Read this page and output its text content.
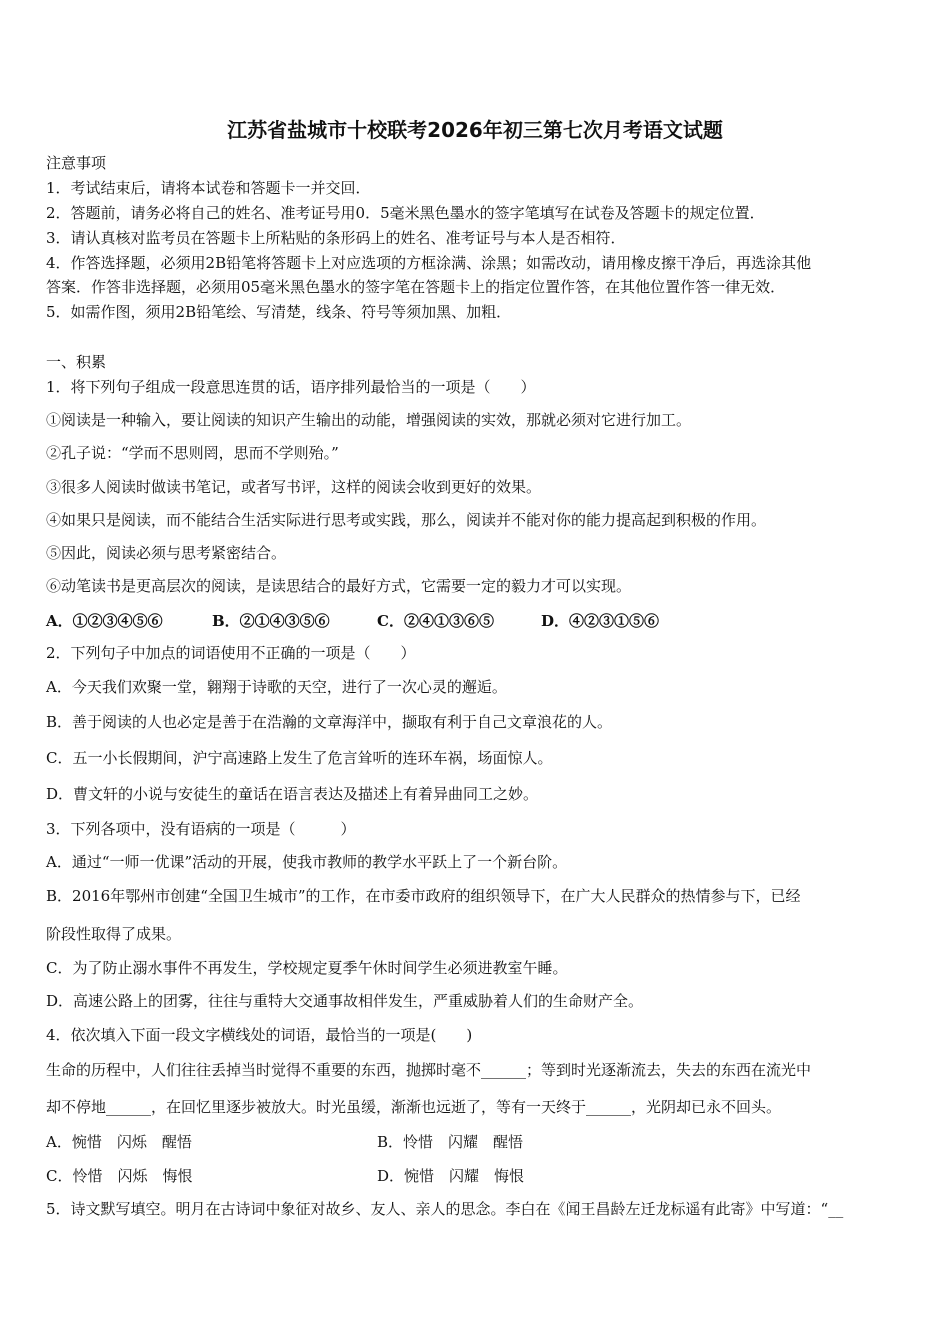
江苏省盐城市十校联考2026年初三第七次月考语文试题
注意事项
1．考试结束后，请将本试卷和答题卡一并交回．
2．答题前，请务必将自己的姓名、准考证号用0．5毫米黑色墨水的签字笔填写在试卷及答题卡的规定位置．
3．请认真核对监考员在答题卡上所粘贴的条形码上的姓名、准考证号与本人是否相符．
4．作答选择题，必须用2B铅笔将答题卡上对应选项的方框涂满、涂黑；如需改动，请用橡皮擦干净后，再选涂其他
答案．作答非选择题，必须用05毫米黑色墨水的签字笔在答题卡上的指定位置作答，在其他位置作答一律无效．
5．如需作图，须用2B铅笔绘、写清楚，线条、符号等须加黑、加粗．
一、积累
1．将下列句子组成一段意思连贯的话，语序排列最恰当的一项是（　　）
①阅读是一种输入，要让阅读的知识产生输出的动能，增强阅读的实效，那就必须对它进行加工。
②孔子说：“学而不思则罔，思而不学则殆。”
③很多人阅读时做读书笔记，或者写书评，这样的阅读会收到更好的效果。
④如果只是阅读，而不能结合生活实际进行思考或实践，那么，阅读并不能对你的能力提高起到积极的作用。
⑤因此，阅读必须与思考紧密结合。
⑥动笔读书是更高层次的阅读，是读思结合的最好方式，它需要一定的毅力才可以实现。
A．①②③④⑤⑥	B．②①④③⑤⑥	C．②④①③⑥⑤	D．④②③①⑤⑥
2．下列句子中加点的词语使用不正确的一项是（　　）
A．今天我们欢聚一堂，翱翔于诗歌的天空，进行了一次心灵的邂逅。
B．善于阅读的人也必定是善于在浩瀚的文章海洋中，撷取有利于自己文章浪花的人。
C．五一小长假期间，沪宁高速路上发生了危言耸听的连环车祸，场面惊人。
D．曹文轩的小说与安徒生的童话在语言表达及描述上有着异曲同工之妙。
3．下列各项中，没有语病的一项是（　　　）
A．通过“一师一优课”活动的开展，使我市教师的教学水平跃上了一个新台阶。
B．2016年鄂州市创建“全国卫生城市”的工作，在市委市政府的组织领导下，在广大人民群众的热情参与下，已经
阶段性取得了成果。
C．为了防止溺水事件不再发生，学校规定夏季午休时间学生必须进教室午睡。
D．高速公路上的团雾，往往与重特大交通事故相伴发生，严重威胁着人们的生命财产全。
4．依次填入下面一段文字横线处的词语，最恰当的一项是(　　)
生命的历程中，人们往往丢掉当时觉得不重要的东西，抛掷时毫不______；等到时光逐渐流去，失去的东西在流光中
却不停地______，在回忆里逐步被放大。时光虽缓，渐渐也远逝了，等有一天终于______，光阴却已永不回头。
A．惋惜　闪烁　醒悟	B．怜惜　闪耀　醒悟
C．怜惜　闪烁　悔恨	D．惋惜　闪耀　悔恨
5．诗文默写填空。明月在古诗词中象征对故乡、友人、亲人的思念。李白在《闻王昌龄左迁龙标遥有此寄》中写道：“__
